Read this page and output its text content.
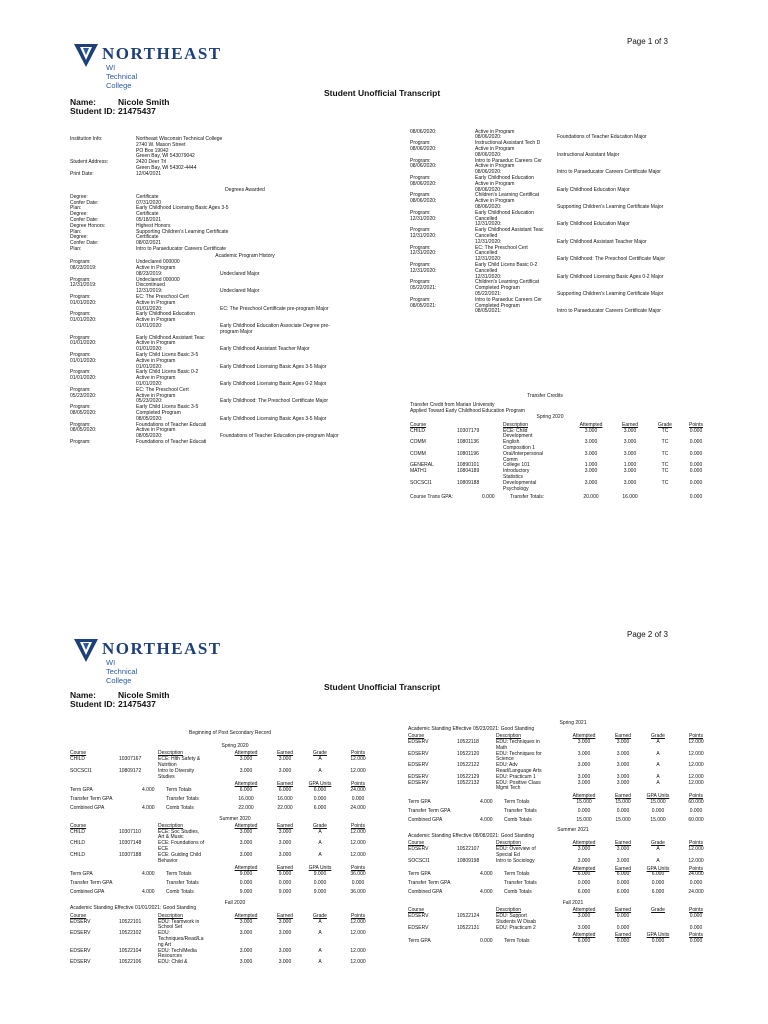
NORTHEAST
WI Technical College
Page 1 of 3
Student Unofficial Transcript
Name:	Nicole Smith
Student ID: 21475437
Institution Info:	Northeast Wisconsin Technical College
2740 W. Mason Street
PO Box 19042
Green Bay, WI 543079042
Student Address:	2420 Deer Trl
Green Bay, WI 54302-4444
Print Date:	12/04/2021
Degrees Awarded
Degree:	Certificate
Confer Date:	07/31/2020
Plan:	Early Childhood Licensing Basic Ages 3-5
Degree:	Certificate
Confer Date:	05/18/2021
Degree Honors:	Highest Honors
Plan:	Supporting Children's Learning Certificate
Degree:	Certificate
Confer Date:	08/02/2021
Plan:	Intro to Paraeducator Careers Certificate
Academic Program History
Program:	Undeclared 000000
08/23/2019:	Active in Program
08/23/2019:	Undeclared Major
Program:	Undeclared 000000
12/31/2019:	Discontinued
12/31/2019:	Undeclared Major
Program:	EC: The Preschool Cert
01/01/2020:	Active in Program
01/01/2020:	EC: The Preschool Certificate pre-program Major
Program:	Early Childhood Education
01/01/2020:	Active in Program
01/01/2020:	Early Childhood Education Associate Degree pre-
program Major
Program:	Early Childhood Assistant Teac
01/01/2020:	Active in Program
01/01/2020:	Early Childhood Assistant Teacher Major
Program:	Early Child Licens Basic 3-5
01/01/2020:	Active in Program
01/01/2020:	Early Childhood Licensing Basic Ages 3-5 Major
Program:	Early Child Licens Basic 0-2
01/01/2020:	Active in Program
01/01/2020:	Early Childhood Licensing Basic Ages 0-2 Major
Program:	EC: The Preschool Cert
05/23/2020:	Active in Program
05/23/2020:	Early Childhood: The Preschool Certificate Major
Program:	Early Child Licens Basic 3-5
08/05/2020:	Completed Program
08/05/2020:	Early Childhood Licensing Basic Ages 3-5 Major
Program:	Foundations of Teacher Educati
08/05/2020:	Active in Program
08/05/2020:	Foundations of Teacher Education pre-program Major
Program:	Foundations of Teacher Educati
08/06/2020:	Active in Program
08/06/2020:	Foundations of Teacher Education Major
Program:	Instructional Assistant Tech D
08/06/2020:	Active in Program
08/06/2020:	Instructional Assistant Major
Program:	Intro to Paraeduc Careers Cer
08/06/2020:	Active in Program
08/06/2020:	Intro to Paraeducator Careers Certificate Major
Program:	Early Childhood Education
08/06/2020:	Active in Program
08/06/2020:	Early Childhood Education Major
Program:	Children's Learning Certificat
08/06/2020:	Active in Program
08/06/2020:	Supporting Children's Learning Certificate Major
Program:	Early Childhood Education
12/31/2020:	Cancelled
12/31/2020:	Early Childhood Education Major
Program:	Early Childhood Assistant Teac
12/31/2020:	Cancelled
12/31/2020:	Early Childhood Assistant Teacher Major
Program:	EC: The Preschool Cert
12/31/2020:	Cancelled
12/31/2020:	Early Childhood: The Preschool Certificate Major
Program:	Early Child Licens Basic 0-2
12/31/2020:	Cancelled
12/31/2020:	Early Childhood Licensing Basic Ages 0-2 Major
Program:	Children's Learning Certificat
05/22/2021:	Completed Program
05/22/2021:	Supporting Children's Learning Certificate Major
Program:	Intro to Paraeduc Careers Cer
08/05/2021:	Completed Program
08/05/2021:	Intro to Paraeducator Careers Certificate Major
Transfer Credits
Transfer Credit from Marian University
Applied Toward Early Childhood Education Program
Spring 2020
Course	Description	Attempted	Earned	Grade	Points
CHILD	10307179	ECE: Child	3.000	3.000	TC	0.000
Development
COMM	10801136	English	3.000	3.000	TC	0.000
Composition 1
COMM	10801196	Oral/Interpersonal	3.000	3.000	TC	0.000
Comm
GENERAL	10890101	College 101	1.000	1.000	TC	0.000
MATH1	10804189	Introductory	3.000	3.000	TC	0.000
Statistics
SOCSCI1	10809188	Developmental	3.000	3.000	TC	0.000
Psychology
Course Trans GPA:	0.000	Transfer Totals:	20.000	16.000	0.000
NORTHEAST
WI Technical College
Page 2 of 3
Student Unofficial Transcript
Name:	Nicole Smith
Student ID: 21475437
Beginning of Post Secondary Record
Spring 2020
Course	Description	Attempted	Earned	Grade	Points
CHILD	10307167	ECE: Hlth Safety &	3.000	3.000	A	12.000
Nutrition
SOCSCI1	10809172	Intro to Diversity	3.000	3.000	A	12.000
Studies
Attempted	Earned	GPA Units	Points
Term GPA	4.000 Term Totals	6.000	6.000	6.000	24.000
Transfer Term GPA	Transfer Totals	16.000	16.000	0.000	0.000
Combined GPA	4.000 Comb Totals	22.000	22.000	6.000	24.000
Summer 2020
Course	Description	Attempted	Earned	Grade	Points
CHILD	10307110	ECE: Soc Studies,	3.000	3.000	A	12.000
Art & Music
CHILD	10307148	ECE: Foundations of	3.000	3.000	A	12.000
ECE
CHILD	10307188	ECE: Guiding Child	3.000	3.000	A	12.000
Behavior
Attempted	Earned	GPA Units	Points
Term GPA	4.000 Term Totals	9.000	9.000	9.000	36.000
Transfer Term GPA	Transfer Totals	0.000	0.000	0.000	0.000
Combined GPA	4.000 Comb Totals	9.000	9.000	9.000	36.000
Fall 2020
Academic Standing Effective 01/01/2021: Good Standing
Course	Description	Attempted	Earned	Grade	Points
EDSERV	10522101	EDU: Teamwork in	3.000	3.000	A	12.000
School Set
EDSERV	10522102	EDU:	3.000	3.000	A	12.000
Techniques/Read/La
ng Art
EDSERV	10522104	EDU: Tech/Media	3.000	3.000	A	12.000
Resources
EDSERV	10522106	EDU: Child &	3.000	3.000	A	12.000
Spring 2021
Academic Standing Effective 05/23/2021: Good Standing
Course	Description	Attempted	Earned	Grade	Points
EDSERV	10522118	EDU: Techniques in	3.000	3.000	A	12.000
Math
EDSERV	10522120	EDU: Techniques for	3.000	3.000	A	12.000
Science
EDSERV	10522122	EDU: Adv	3.000	3.000	A	12.000
Read/Language Arts
EDSERV	10522129	EDU: Practicum 1	3.000	3.000	A	12.000
EDSERV	10522132	EDU: Positive Class	3.000	3.000	A	12.000
Mgmt Tech
Attempted	Earned	GPA Units	Points
Term GPA	4.000 Term Totals	15.000	15.000	15.000	60.000
Transfer Term GPA	Transfer Totals	0.000	0.000	0.000	0.000
Combined GPA	4.000 Comb Totals	15.000	15.000	15.000	60.000
Summer 2021
Academic Standing Effective 08/08/2021: Good Standing
Course	Description	Attempted	Earned	Grade	Points
EDSERV	10522107	EDU: Overview of	3.000	3.000	A	12.000
Special Ed
SOCSCI1	10809198	Intro to Sociology	3.000	3.000	A	12.000
Attempted	Earned	GPA Units	Points
Term GPA	4.000 Term Totals	6.000	6.000	6.000	24.000
Transfer Term GPA	Transfer Totals	0.000	0.000	0.000	0.000
Combined GPA	4.000 Comb Totals	6.000	6.000	6.000	24.000
Fall 2021
Course	Description	Attempted	Earned	Grade	Points
EDSERV	10522124	EDU: Support	3.000	0.000	0.000
Students W Disab
EDSERV	10522131	EDU: Practicum 2	3.000	0.000	0.000
Attempted	Earned	GPA Units	Points
Term GPA	0.000 Term Totals	6.000	0.000	0.000	0.000
